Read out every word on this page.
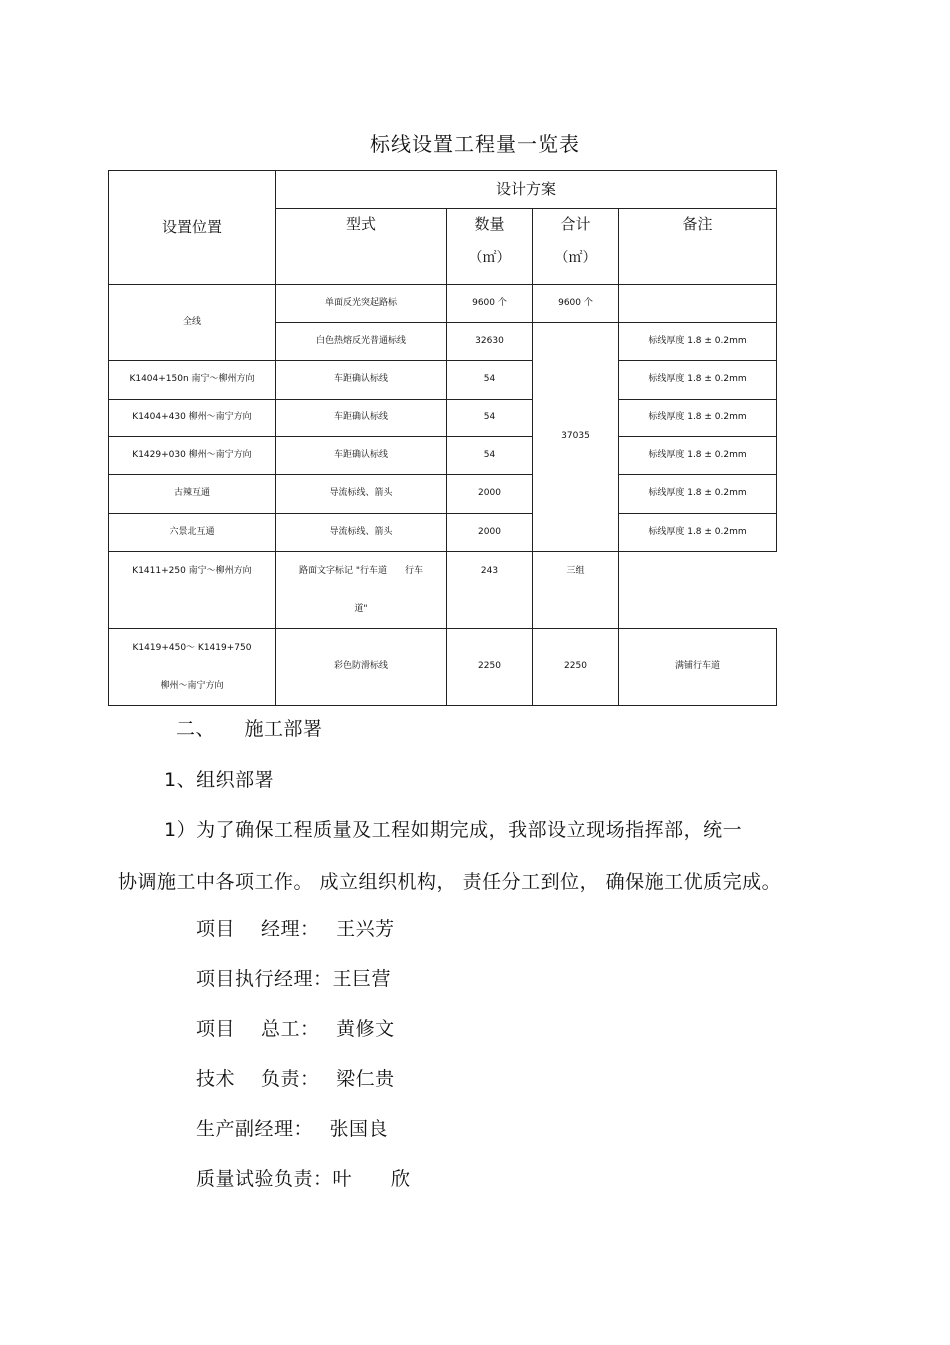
标线设置工程量一览表
设置位置	设计方案			
	型式	数量
（㎡）	合计
（㎡）	备注
全线	单面反光突起路标	9600 个	9600 个	
	白色热熔反光普通标线	32630	37035	标线厚度 1.8 ± 0.2mm
K1404+150n 南宁～柳州方向	车距确认标线	54		标线厚度 1.8 ± 0.2mm
K1404+430 柳州～南宁方向	车距确认标线	54		标线厚度 1.8 ± 0.2mm
K1429+030 柳州～南宁方向	车距确认标线	54		标线厚度 1.8 ± 0.2mm
古辣互通	导流标线、箭头	2000		标线厚度 1.8 ± 0.2mm
六景北互通	导流标线、箭头	2000		标线厚度 1.8 ± 0.2mm
K1411+250 南宁～柳州方向	路面文字标记 "行车道　　行车
道"	243	三组	
K1419+450～ K1419+750
柳州～南宁方向	彩色防滑标线	2250	2250	满铺行车道
二、　　施工部署
1、组织部署
1）为了确保工程质量及工程如期完成，我部设立现场指挥部，统一
协调施工中各项工作。 成立组织机构， 责任分工到位， 确保施工优质完成。
项目　 经理：　 王兴芳
项目执行经理：王巨营
项目　 总工：　 黄修文
技术　 负责：　 梁仁贵
生产副经理：　 张国良
质量试验负责：叶　　欣
